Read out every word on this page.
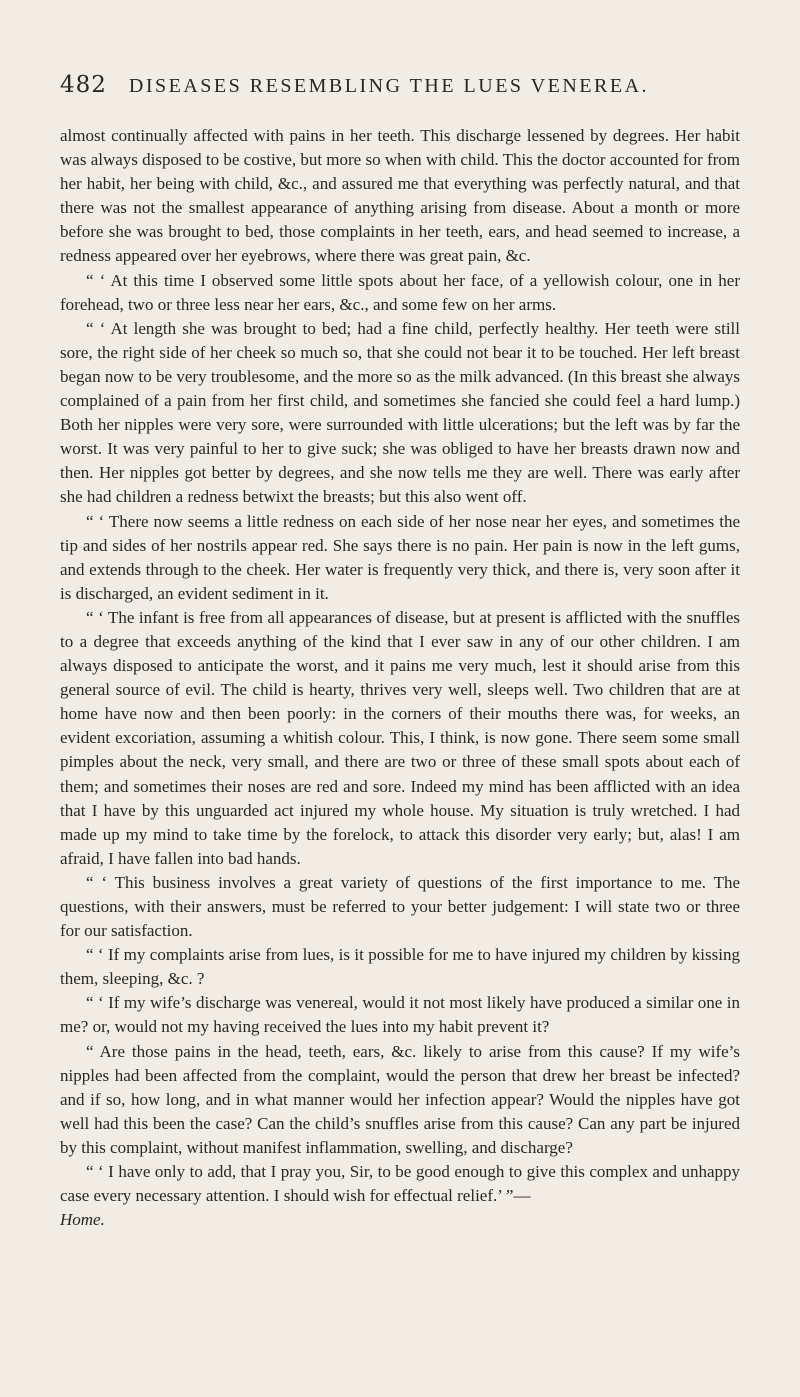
482 DISEASES RESEMBLING THE LUES VENEREA.

almost continually affected with pains in her teeth. This discharge lessened by degrees. Her habit was always disposed to be costive, but more so when with child. This the doctor accounted for from her habit, her being with child, &c., and assured me that everything was perfectly natural, and that there was not the smallest appearance of anything arising from disease. About a month or more before she was brought to bed, those complaints in her teeth, ears, and head seemed to increase, a redness appeared over her eyebrows, where there was great pain, &c.

“ ‘ At this time I observed some little spots about her face, of a yellowish colour, one in her forehead, two or three less near her ears, &c., and some few on her arms.

“ ‘ At length she was brought to bed; had a fine child, perfectly healthy. Her teeth were still sore, the right side of her cheek so much so, that she could not bear it to be touched. Her left breast began now to be very troublesome, and the more so as the milk advanced. (In this breast she always complained of a pain from her first child, and sometimes she fancied she could feel a hard lump.) Both her nipples were very sore, were surrounded with little ulcerations; but the left was by far the worst. It was very painful to her to give suck; she was obliged to have her breasts drawn now and then. Her nipples got better by degrees, and she now tells me they are well. There was early after she had children a redness betwixt the breasts; but this also went off.

“ ‘ There now seems a little redness on each side of her nose near her eyes, and sometimes the tip and sides of her nostrils appear red. She says there is no pain. Her pain is now in the left gums, and extends through to the cheek. Her water is frequently very thick, and there is, very soon after it is discharged, an evident sediment in it.

“ ‘ The infant is free from all appearances of disease, but at present is afflicted with the snuffles to a degree that exceeds anything of the kind that I ever saw in any of our other children. I am always disposed to anticipate the worst, and it pains me very much, lest it should arise from this general source of evil. The child is hearty, thrives very well, sleeps well. Two children that are at home have now and then been poorly: in the corners of their mouths there was, for weeks, an evident excoriation, assuming a whitish colour. This, I think, is now gone. There seem some small pimples about the neck, very small, and there are two or three of these small spots about each of them; and sometimes their noses are red and sore. Indeed my mind has been afflicted with an idea that I have by this unguarded act injured my whole house. My situation is truly wretched. I had made up my mind to take time by the forelock, to attack this disorder very early; but, alas! I am afraid, I have fallen into bad hands.

“ ‘ This business involves a great variety of questions of the first importance to me. The questions, with their answers, must be referred to your better judgement: I will state two or three for our satisfaction.

“ ‘ If my complaints arise from lues, is it possible for me to have injured my children by kissing them, sleeping, &c. ?

“ ‘ If my wife’s discharge was venereal, would it not most likely have produced a similar one in me? or, would not my having received the lues into my habit prevent it?

“ Are those pains in the head, teeth, ears, &c. likely to arise from this cause? If my wife’s nipples had been affected from the complaint, would the person that drew her breast be infected? and if so, how long, and in what manner would her infection appear? Would the nipples have got well had this been the case? Can the child’s snuffles arise from this cause? Can any part be injured by this complaint, without manifest inflammation, swelling, and discharge?

“ ‘ I have only to add, that I pray you, Sir, to be good enough to give this complex and unhappy case every necessary attention. I should wish for effectual relief.’ ”—

Home.
